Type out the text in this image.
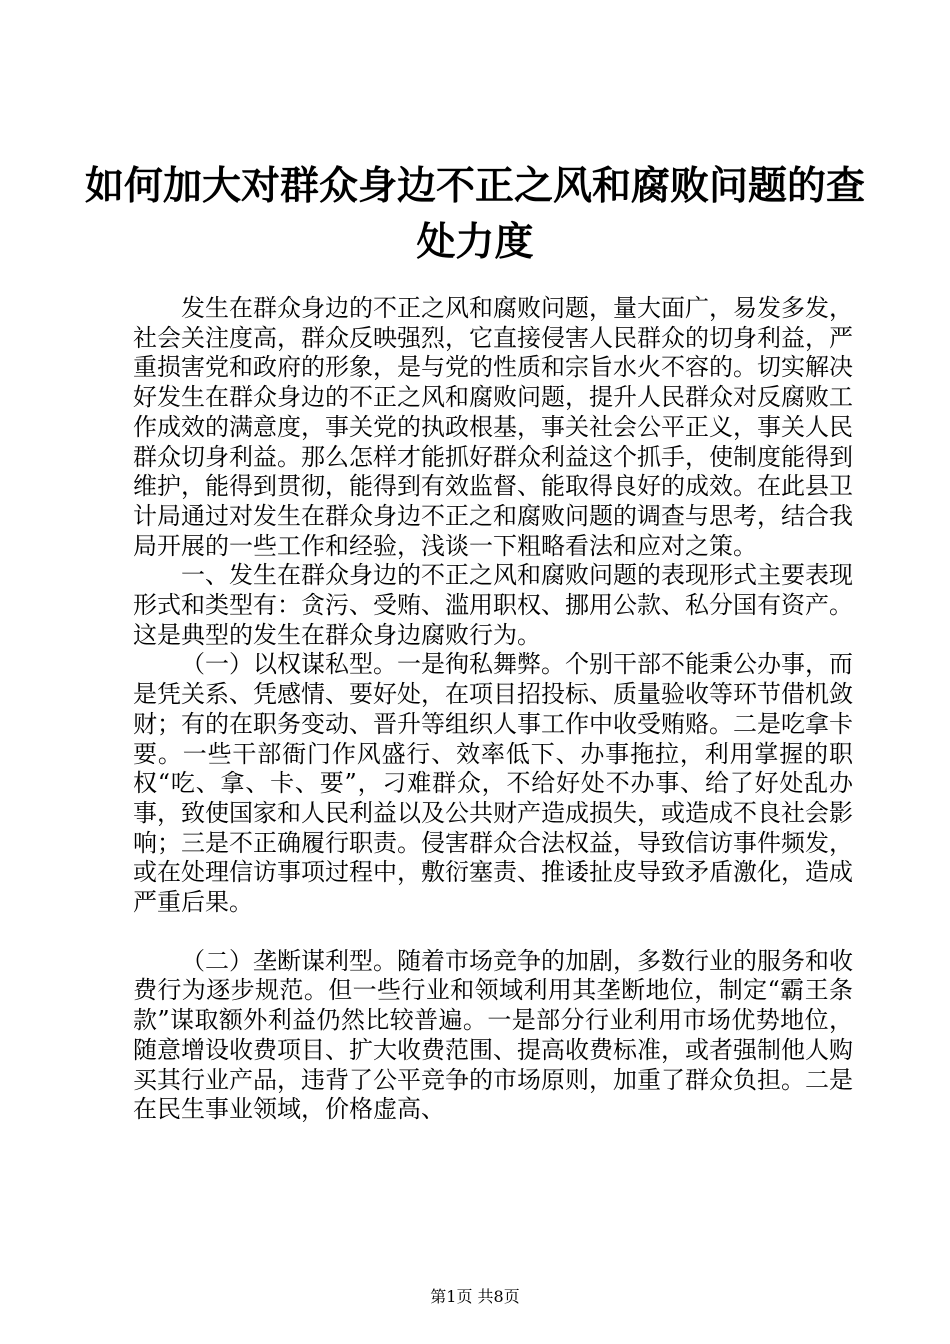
如何加大对群众身边不正之风和腐败问题的查
处力度

发生在群众身边的不正之风和腐败问题，量大面广，易发多发，社会关注度高，群众反映强烈，它直接侵害人民群众的切身利益，严重损害党和政府的形象，是与党的性质和宗旨水火不容的。切实解决好发生在群众身边的不正之风和腐败问题，提升人民群众对反腐败工作成效的满意度，事关党的执政根基，事关社会公平正义，事关人民群众切身利益。那么怎样才能抓好群众利益这个抓手，使制度能得到维护，能得到贯彻，能得到有效监督、能取得良好的成效。在此县卫计局通过对发生在群众身边不正之和腐败问题的调查与思考，结合我局开展的一些工作和经验，浅谈一下粗略看法和应对之策。

一、发生在群众身边的不正之风和腐败问题的表现形式主要表现形式和类型有：贪污、受贿、滥用职权、挪用公款、私分国有资产。这是典型的发生在群众身边腐败行为。

（一）以权谋私型。一是徇私舞弊。个别干部不能秉公办事，而是凭关系、凭感情、要好处，在项目招投标、质量验收等环节借机敛财；有的在职务变动、晋升等组织人事工作中收受贿赂。二是吃拿卡要。一些干部衙门作风盛行、效率低下、办事拖拉，利用掌握的职权“吃、拿、卡、要”，刁难群众，不给好处不办事、给了好处乱办事，致使国家和人民利益以及公共财产造成损失，或造成不良社会影响；三是不正确履行职责。侵害群众合法权益，导致信访事件频发，或在处理信访事项过程中，敷衍塞责、推诿扯皮导致矛盾激化，造成严重后果。

（二）垄断谋利型。随着市场竞争的加剧，多数行业的服务和收费行为逐步规范。但一些行业和领域利用其垄断地位，制定“霸王条款”谋取额外利益仍然比较普遍。一是部分行业利用市场优势地位，随意增设收费项目、扩大收费范围、提高收费标准，或者强制他人购买其行业产品，违背了公平竞争的市场原则，加重了群众负担。二是在民生事业领域，价格虚高、

第1页 共8页
